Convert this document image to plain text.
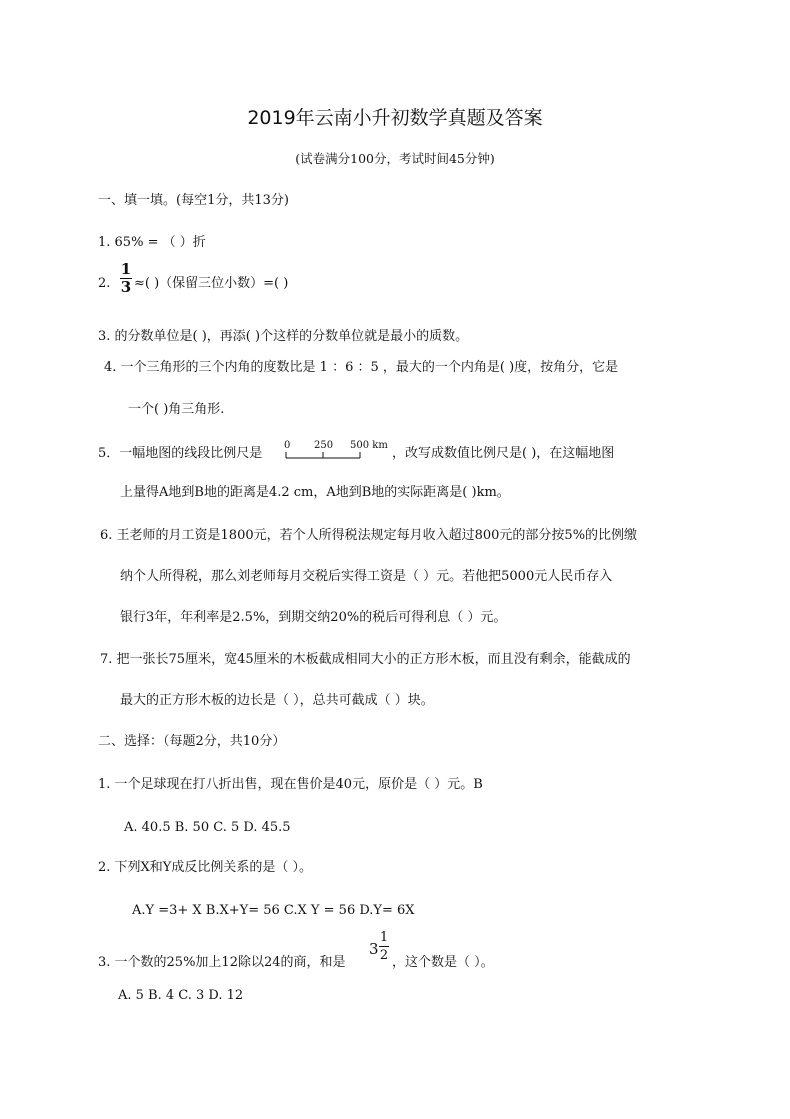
2019年云南小升初数学真题及答案
(试卷满分100分，考试时间45分钟)
一、填一填。(每空1分，共13分)
1. 65% = （ ）折
2.
1
3 ≈( )（保留三位小数）=( )
3. 的分数单位是( )，再添( )个这样的分数单位就是最小的质数。
4. 一个三角形的三个内角的度数比是 1 ：6 ：5 ，最大的一个内角是( )度，按角分，它是
一个( )角三角形.
5．一幅地图的线段比例尺是
0 250 500 km
，改写成数值比例尺是( )，在这幅地图
上量得A地到B地的距离是4.2 cm，A地到B地的实际距离是( )km。
6. 王老师的月工资是1800元，若个人所得税法规定每月收入超过800元的部分按5%的比例缴
纳个人所得税，那么刘老师每月交税后实得工资是（ ）元。若他把5000元人民币存入
银行3年，年利率是2.5%，到期交纳20%的税后可得利息（ ）元。
7. 把一张长75厘米，宽45厘米的木板截成相同大小的正方形木板，而且没有剩余，能截成的
最大的正方形木板的边长是（ ），总共可截成（ ）块。
二、选择：（每题2分，共10分）
1. 一个足球现在打八折出售，现在售价是40元，原价是（ ）元。B
A. 40.5 B. 50 C. 5 D. 45.5
2. 下列X和Y成反比例关系的是（ ）。
A.Y =3+ X B.X+Y= 56 C.X Y = 56 D.Y= 6X
3. 一个数的25%加上12除以24的商，和是
3
1
2 ，这个数是（ ）。
A. 5 B. 4 C. 3 D. 12
